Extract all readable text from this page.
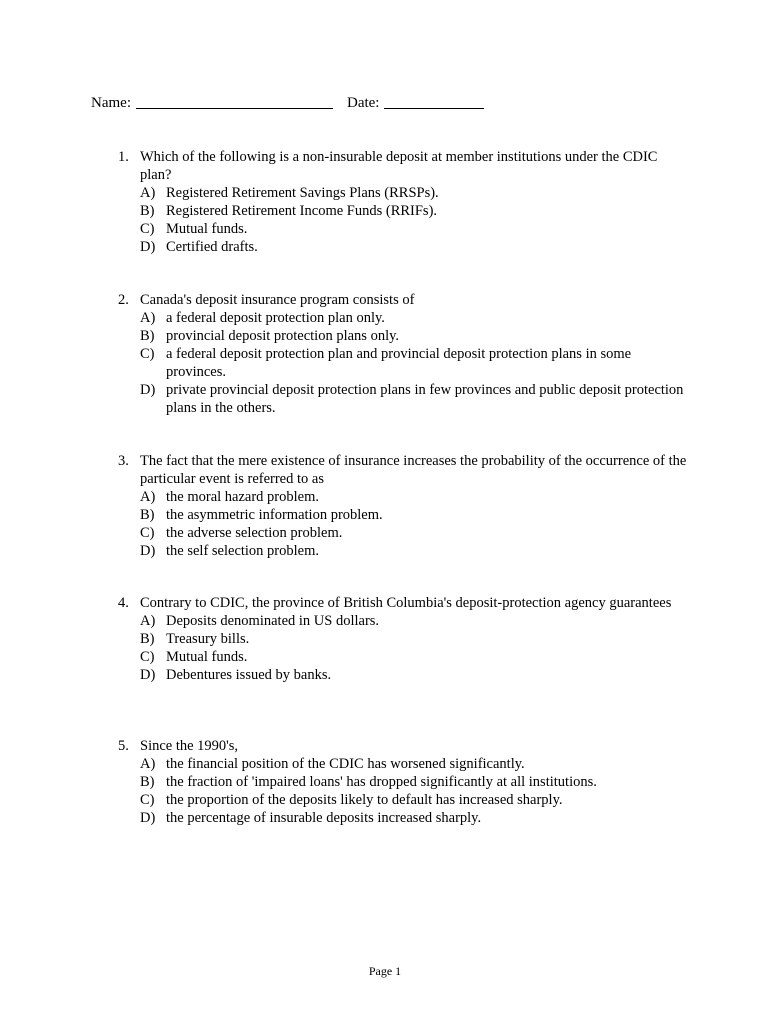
Name:	Date:
1. Which of the following is a non-insurable deposit at member institutions under the CDIC plan?
A) Registered Retirement Savings Plans (RRSPs).
B) Registered Retirement Income Funds (RRIFs).
C) Mutual funds.
D) Certified drafts.
2. Canada's deposit insurance program consists of
A) a federal deposit protection plan only.
B) provincial deposit protection plans only.
C) a federal deposit protection plan and provincial deposit protection plans in some provinces.
D) private provincial deposit protection plans in few provinces and public deposit protection plans in the others.
3. The fact that the mere existence of insurance increases the probability of the occurrence of the particular event is referred to as
A) the moral hazard problem.
B) the asymmetric information problem.
C) the adverse selection problem.
D) the self selection problem.
4. Contrary to CDIC, the province of British Columbia's deposit-protection agency guarantees
A) Deposits denominated in US dollars.
B) Treasury bills.
C) Mutual funds.
D) Debentures issued by banks.
5. Since the 1990's,
A) the financial position of the CDIC has worsened significantly.
B) the fraction of 'impaired loans' has dropped significantly at all institutions.
C) the proportion of the deposits likely to default has increased sharply.
D) the percentage of insurable deposits increased sharply.
Page 1
